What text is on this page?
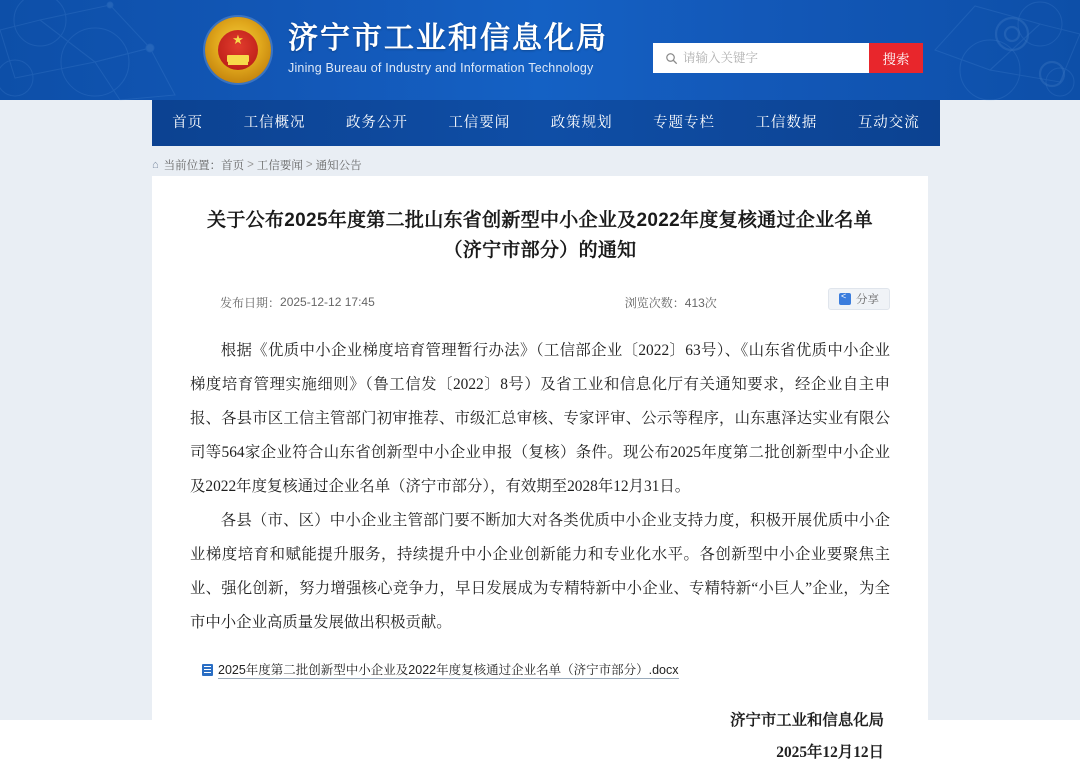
★
济宁市工业和信息化局
Jining Bureau of Industry and Information Technology
请输入关键字
搜索
首页	工信概况	政务公开	工信要闻	政策规划	专题专栏	工信数据	互动交流
⌂ 当前位置： 首页 > 工信要闻 > 通知公告
关于公布2025年度第二批山东省创新型中小企业及2022年度复核通过企业名单（济宁市部分）的通知
发布日期： 2025-12-12 17:45	浏览次数： 413次 <	分享

根据《优质中小企业梯度培育管理暂行办法》（工信部企业〔2022〕63号）、《山东省优质中小企业梯度培育管理实施细则》（鲁工信发〔2022〕8号）及省工业和信息化厅有关通知要求，经企业自主申报、各县市区工信主管部门初审推荐、市级汇总审核、专家评审、公示等程序，山东惠泽达实业有限公司等564家企业符合山东省创新型中小企业申报（复核）条件。现公布2025年度第二批创新型中小企业及2022年度复核通过企业名单（济宁市部分），有效期至2028年12月31日。

各县（市、区）中小企业主管部门要不断加大对各类优质中小企业支持力度，积极开展优质中小企业梯度培育和赋能提升服务，持续提升中小企业创新能力和专业化水平。各创新型中小企业要聚焦主业、强化创新，努力增强核心竞争力，早日发展成为专精特新中小企业、专精特新“小巨人”企业，为全市中小企业高质量发展做出积极贡献。

2025年度第二批创新型中小企业及2022年度复核通过企业名单（济宁市部分）.docx
济宁市工业和信息化局
2025年12月12日
